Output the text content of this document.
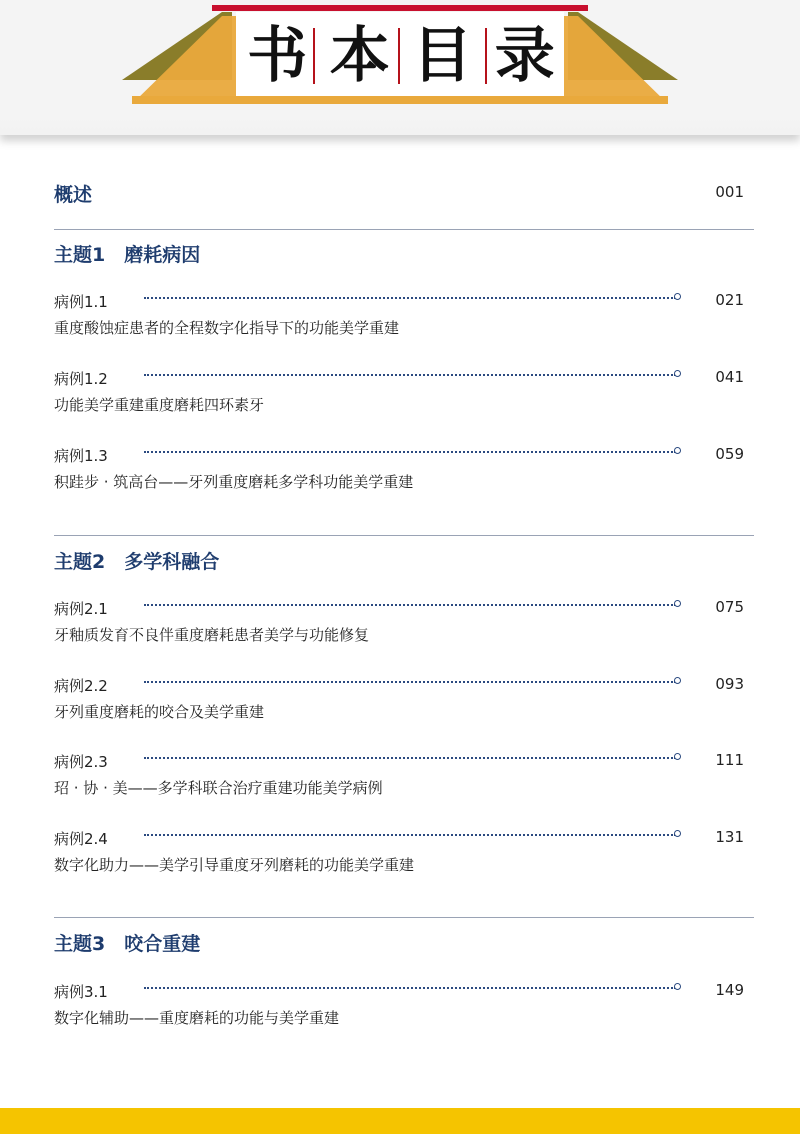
书 本 目 录
概述	001
主题1　磨耗病因
病例1.1	021
重度酸蚀症患者的全程数字化指导下的功能美学重建
病例1.2	041
功能美学重建重度磨耗四环素牙
病例1.3	059
积跬步 · 筑高台——牙列重度磨耗多学科功能美学重建
主题2　多学科融合
病例2.1	075
牙釉质发育不良伴重度磨耗患者美学与功能修复
病例2.2	093
牙列重度磨耗的咬合及美学重建
病例2.3	111
玿 · 协 · 美——多学科联合治疗重建功能美学病例
病例2.4	131
数字化助力——美学引导重度牙列磨耗的功能美学重建
主题3　咬合重建
病例3.1	149
数字化辅助——重度磨耗的功能与美学重建
